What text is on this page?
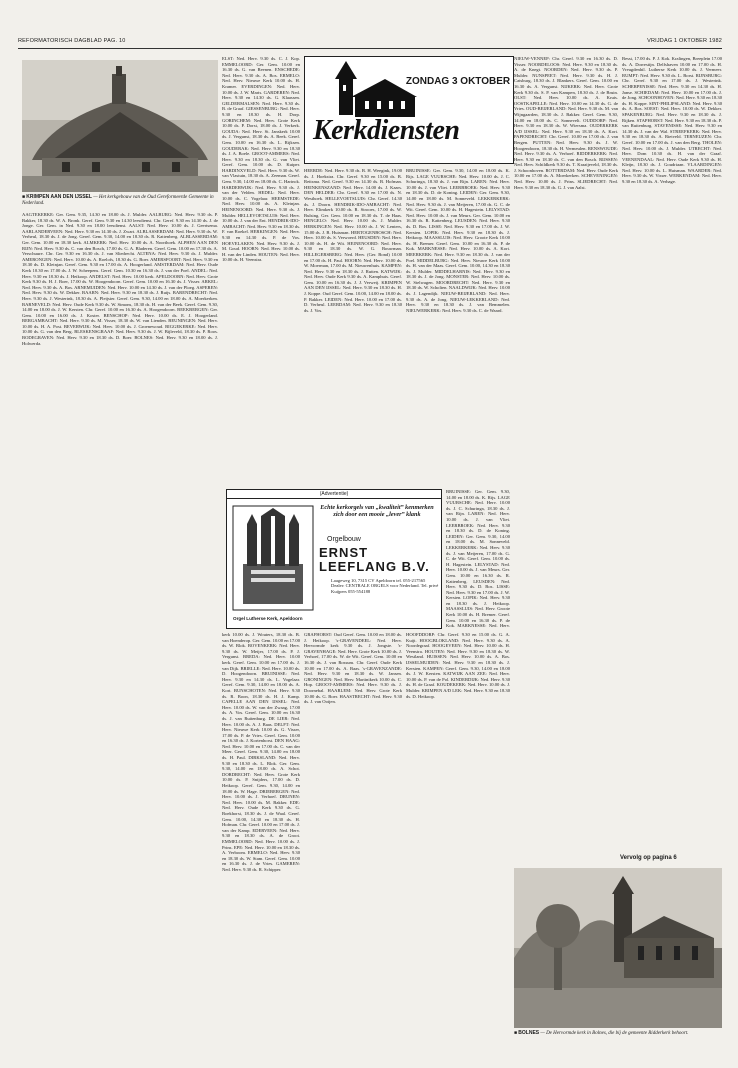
REFORMATORISCH DAGBLAD PAG. 10	VRIJDAG 1 OKTOBER 1982
■ KRIMPEN AAN DEN IJSSEL — Het kerkgebouw van de Oud Gereformeerde Gemeente in Nederland.
ZONDAG 3 OKTOBER
Kerkdiensten
AAGTEKERKE: Ger. Gem. 9.35, 14.30 en 18.00 ds. J. Mulder. AALBURG: Ned. Herv. 9.30 ds. P. Bakker, 18.30 ds. W. A. Bronk. Geref. Gem. 9.30 en 14.30 leesdienst. Chr. Geref. 9.30 en 14.30 ds. J. de Jonge. Ger. Gem. in Ned. 9.30 en 18.00 leesdienst. AALST: Ned. Herv. 10.00 ds. J. Geertsema. AARLANDERVEEN: Ned. Herv. 9.30 en 14.30 ds. J. Zwart. ALBLASSERDAM: Ned. Herv. 9.30 ds. W. Verheul, 18.30 ds. J. de Jong. Geref. Gem. 9.30, 14.00 en 18.30 ds. R. Kattenberg. ALBLASSERDAM: Ger. Gem. 10.00 en 18.30 kerk. ALMKERK: Ned. Herv. 10.00 ds. A. Noorthoek. ALPHEN AAN DEN RIJN: Ned. Herv. 9.30 ds. C. van den Bosch, 17.00 ds. G. A. Bladeren. Geref. Gem. 10.00 en 17.30 ds. A. Verschuure. Chr. Ger. 9.30 en 16.30 ds. J. van Sliedrecht. ALTENA: Ned. Herv. 9.30 ds. J. Mulder. AMERONGEN: Ned. Herv. 10.00 ds. A. Roelofs, 18.30 ds. G. Boer. AMERSFOORT: Ned. Herv. 9.30 en 18.30 ds. D. Kleinjan. Geref. Gem. 9.30 en 17.00 ds. A. Hoogerland. AMSTERDAM: Ned. Herv. Oude Kerk 10.30 en 17.00 ds. J. W. Scheepens. Geref. Gem. 10.30 en 16.30 ds. J. van der Poel. ANDEL: Ned. Herv. 9.30 en 18.30 ds. J. Heikoop. ANDELST: Ned. Herv. 10.00 kerk. APELDOORN: Ned. Herv. Grote Kerk 9.30 ds. H. J. Boer, 17.00 ds. W. Hoogendoorn. Geref. Gem. 10.00 en 16.30 ds. J. Visser. ARKEL: Ned. Herv. 9.30 ds. A. Bos. ARNEMUIDEN: Ned. Herv. 10.00 en 14.30 ds. J. van der Ploeg. ASPEREN: Ned. Herv. 9.30 ds. W. Dekker. BAARN: Ned. Herv. 9.30 en 18.30 ds. J. Ruijs. BARENDRECHT: Ned. Herv. 9.30 ds. J. Westerink, 18.30 ds. A. Pleijsier. Geref. Gem. 9.30, 14.00 en 18.00 ds. A. Moerkerken. BARNEVELD: Ned. Herv. Oude Kerk 9.30 ds. W. Simons, 18.30 ds. H. van der Beek. Geref. Gem. 9.30, 14.00 en 18.00 ds. J. W. Kersten. Chr. Geref. 10.00 en 16.30 ds. A. Hoogendoorn. BEEKBERGEN: Ger. Gem. 10.00 en 16.00 ds. J. Koster. BENSCHOP: Ned. Herv. 10.00 ds. E. J. Hoogerland. BERGAMBACHT: Ned. Herv. 9.30 ds. M. Visser, 18.30 ds. W. van Lienden. BEUNINGEN: Ned. Herv. 10.00 ds. H. A. Post. BEVERWIJK: Ned. Herv. 10.00 ds. J. Groenewoud. BIGGEKERKE: Ned. Herv. 10.00 ds. G. van den Berg. BLESKENSGRAAF: Ned. Herv. 9.30 ds. J. W. Bijleveld, 18.30 ds. P. Roos. BODEGRAVEN: Ned. Herv. 9.30 en 18.30 ds. D. Boer. BOLNES: Ned. Herv. 9.30 en 18.00 ds. J. Holwerda.
ELST: Ned. Herv. 9.30 ds. C. J. Kop. EMMELOORD: Ger. Gem. 10.00 en 16.30 ds. G. van Reenen. ENSCHEDE: Ned. Herv. 9.30 ds. A. Bos. ERMELO: Ned. Herv. Nieuwe Kerk 10.00 ds. H. Kramer. EVERDINGEN: Ned. Herv. 10.00 ds. J. W. Maris. GARDEREN: Ned. Herv. 9.30 en 14.30 ds. G. Klaassen. GELDERMALSEN: Ned. Herv. 9.30 ds. B. de Graaf. GIESSENBURG: Ned. Herv. 9.30 en 18.30 ds. H. Dorp. GORINCHEM: Ned. Herv. Grote Kerk 10.00 ds. P. Dorst, 18.00 ds. J. Verkerk. GOUDA: Ned. Herv. St. Janskerk 10.00 ds. J. Vergunst, 18.30 ds. A. Beek. Geref. Gem. 10.00 en 16.30 ds. L. Rijksen. GOUDERAK: Ned. Herv. 9.30 en 18.30 ds. J. A. Boele. GROOT-AMMERS: Ned. Herv. 9.30 en 18.30 ds. G. van Vliet. Geref. Gem. 10.00 ds. D. Kuiper. HARDINXVELD: Ned. Herv. 9.30 ds. W. van Vlastuin, 18.30 ds. A. Zeeman. Geref. Gem. 9.30, 14.00 en 18.00 ds. C. Harinck. HARDERWIJK: Ned. Herv. 9.30 ds. J. van der Velden. HEDEL: Ned. Herv. 10.00 ds. C. Vogelaar. HEEMSTEDE: Ned. Herv. 10.00 ds. A. Kleinjan. HEINENOORD: Ned. Herv. 9.30 ds. J. Mulder. HELLEVOETSLUIS: Ned. Herv. 10.00 ds. J. van der Ent. HENDRIK-IDO-AMBACHT: Ned. Herv. 9.30 en 18.30 ds. F. van Roekel. HERKINGEN: Ned. Herv. 9.30 en 14.30 ds. P. de Vos. HOEVELAKEN: Ned. Herv. 9.30 ds. J. M. Goud. HOORN: Ned. Herv. 10.00 ds. H. van der Linden. HOUTEN: Ned. Herv. 10.00 ds. H. Veenstra.
kerk 10.00 ds. J. Wouters, 18.30 ds. B. van Hoenderop. Ger. Gem. 10.00 en 17.00 ds. W. Blok. BOVENKERK: Ned. Herv. 9.30 ds. W. Meijer, 17.00 ds. P. J. Vergunst. BREDA: Ned. Herv. 10.00 kerk. Geref. Gem. 10.00 en 17.00 ds. J. van Dijk. BRIELLE: Ned. Herv. 10.00 ds. D. Hoogendoorn. BRUINISSE: Ned. Herv. 9.30 en 14.30 ds. L. Vogelaar. Geref. Gem. 9.30, 14.00 en 18.00 ds. A. Kort. BUNSCHOTEN: Ned. Herv. 9.30 ds. R. Boon, 18.30 ds. H. J. Kamp. CAPELLE AAN DEN IJSSEL: Ned. Herv. 10.00 ds. W. van der Zwaag, 17.00 ds. A. Vos. Geref. Gem. 10.00 en 16.30 ds. J. van Ruitenburg. DE LIER: Ned. Herv. 10.00 ds. A. J. Baas. DELFT: Ned. Herv. Nieuwe Kerk 10.00 ds. G. Visser, 17.00 ds. P. de Vries. Geref. Gem. 10.00 en 16.30 ds. J. Kortenhorst. DEN HAAG: Ned. Herv. 10.00 en 17.00 ds. C. van der Meer. Geref. Gem. 9.30, 14.00 en 18.00 ds. H. Paul. DIRKSLAND: Ned. Herv. 9.30 en 18.30 ds. L. Blok. Ger. Gem. 9.30, 14.00 en 18.00 ds. A. Schot. DORDRECHT: Ned. Herv. Grote Kerk 10.00 ds. P. Snijders, 17.00 ds. D. Heikoop. Geref. Gem. 9.30, 14.00 en 18.00 ds. W. Hage. DRIEBERGEN: Ned. Herv. 10.00 ds. J. Verhoef. DRUNEN: Ned. Herv. 10.00 ds. M. Bakker. EDE: Ned. Herv. Oude Kerk 9.30 ds. G. Boekhorst, 18.30 ds. J. de Waal. Geref. Gem. 10.00, 14.30 en 18.30 ds. H. Hofman. Chr. Geref. 10.00 en 17.00 ds. J. van der Kamp. EDERVEEN: Ned. Herv. 9.30 en 18.30 ds. A. de Groot. EMMELOORD: Ned. Herv. 10.00 ds. J. Prins. EPE: Ned. Herv. 10.00 en 18.30 ds. A. Verboom. ERMELO: Ned. Herv. 9.30 en 18.30 ds. W. Stam. Geref. Gem. 10.00 en 16.30 ds. J. de Vries. GAMEREN: Ned. Herv. 9.30 ds. R. Schipper.
HEERDE: Ned. Herv. 9.30 ds. B. H. Weegink, 19.00 ds. J. Hoekstra. Chr. Geref. 9.30 en 15.00 ds. B. Reitsma. Ned. Geref. 9.30 en 14.30 ds. B. Hofman. HEINKENSZAND: Ned. Herv. 14.00 ds. J. Kaars. DEN HELDER: Chr. Geref. 9.30 en 17.00 ds. N. Westhoek. HELLEVOETSLUIS: Chr. Geref. 14.30 ds. J. Doorn. HENDRIK-IDO-AMBACHT: Ned. Herv. Elimkerk 10.00 ds. R. Strooes, 17.00 ds. W. Bulsing. Ger. Gem. 10.00 en 18.30 ds. T. de Haas. HENGELO: Ned. Herv. 10.00 ds. J. Mulder. HERKINGEN: Ned. Herv. 10.00 ds. J. W. Lenters, 15.00 ds. J. B. Huisman. HERTOGENBOSCH: Ned. Herv. 10.00 ds. S. Verwoerd. HEUSDEN: Ned. Herv. 10.00 ds. H. de Wit. HEINENOORD: Ned. Herv. 9.30 en 18.30 ds. W. G. Bouwman. HILLEGERSBERG: Ned. Herv. (Ger. Bond) 10.00 en 17.00 ds. H. Paul. HOORN: Ned. Herv. 10.00 ds. W. Moerman, 17.00 ds. M. Nieuwenhuis. KAMPEN: Ned. Herv. 9.30 en 18.30 ds. J. Rutten. KATWIJK: Ned. Herv. Oude Kerk 9.30 ds. A. Kamphuis. Geref. Gem. 10.00 en 16.30 ds. J. J. Verweij. KRIMPEN AAN DEN IJSSEL: Ned. Herv. 9.30 en 18.30 ds. H. J. Koppe. Oud Geref. Gem. 10.00, 14.00 en 18.00 ds. P. Bakker. LEIDEN: Ned. Herv. 10.00 en 17.00 ds. D. Verheul. LEERDAM: Ned. Herv. 9.30 en 18.30 ds. J. Vos.
BRUINISSE: Ger. Gem. 9.30, 14.00 en 18.00 ds. K. Rijs. LAGE VUURSCHE: Ned. Herv. 10.00 ds. J. C. Schuringa, 18.30 ds. J. van Rijn. LAREN: Ned. Herv. 10.00 ds. J. van Vliet. LEERBROEK: Ned. Herv. 9.30 en 18.30 ds. D. de Koning. LEIDEN: Ger. Gem. 9.30, 14.00 en 18.00 ds. M. Sonneveld. LEKKERKERK: Ned. Herv. 9.30 ds. J. van Meijeren, 17.00 ds. G. C. de Wit. Geref. Gem. 10.00 ds. H. Hagestein. LELYSTAD: Ned. Herv. 10.00 ds. J. van Meurs. Ger. Gem. 10.00 en 16.30 ds. R. Kattenberg. LEUSDEN: Ned. Herv. 9.30 ds. D. Bos. LISSE: Ned. Herv. 9.30 en 17.00 ds. J. W. Kersten. LOPIK: Ned. Herv. 9.30 en 18.30 ds. J. Heikoop. MAASSLUIS: Ned. Herv. Groote Kerk 10.00 ds. H. Bremer. Geref. Gem. 10.00 en 16.30 ds. P. de Kok. MARKNESSE: Ned. Herv. 10.00 ds. A. Kort. MEERKERK: Ned. Herv. 9.30 en 18.30 ds. J. van der Poel. MIDDELBURG: Ned. Herv. Nieuwe Kerk 10.00 ds. H. van der Maas. Geref. Gem. 10.00, 14.30 en 18.30 ds. J. Mulder. MIDDELHARNIS: Ned. Herv. 9.30 en 18.30 ds. J. de Jong. MONSTER: Ned. Herv. 10.00 ds. W. Stelwagen. MOORDRECHT: Ned. Herv. 9.30 en 18.30 ds. W. Scholten. NAALDWIJK: Ned. Herv. 10.00 ds. J. Lagendijk. NIEUW-BEIJERLAND: Ned. Herv. 9.30 ds. A. de Jong. NIEUW-LEKKERLAND: Ned. Herv. 9.30 en 18.30 ds. J. van Bemmelen. NIEUWERKERK: Ned. Herv. 9.30 ds. C. de Waard.
GRAFHORST: Oud Geref. Gem. 10.00 en 18.00 ds. J. Heikoop. 's-GRAVENDEEL: Ned. Herv. Hervormde kerk 9.30 ds. J. Jongste. 's-GRAVENHAGE: Ned. Herv. Grote Kerk 10.00 ds. J. Verhoef, 17.00 ds. W. de Wit. Geref. Gem. 10.00 en 16.30 ds. J. van Rossum. Chr. Geref. Oude Kerk 10.00 en 17.00 ds. A. Baas. 's-GRAVENZANDE: Ned. Herv. 9.30 en 18.30 ds. W. Jansen. GRONINGEN: Ned. Herv. Martinikerk 10.00 ds. C. Hop. GROOT-AMMERS: Ned. Herv. 9.30 ds. J. Doornebal. HAARLEM: Ned. Herv. Grote Kerk 10.00 ds. G. Boer. HAASTRECHT: Ned. Herv. 9.30 ds. J. van Ooijen.
HOOFDDORP: Chr. Geref. 9.30 en 15.00 ds. G. A. Kuijt. HOOGBLOKLAND: Ned. Herv. 9.30 ds. A. Noordegraaf. HOOGEVEEN: Ned. Herv. 10.00 ds. H. Veenstra. HOUTEN: Ned. Herv. 9.30 en 18.30 ds. W. Westland. HUISSEN: Ned. Herv. 10.00 ds. A. Bos. IJSSELMUIDEN: Ned. Herv. 9.30 en 18.30 ds. J. Kersten. KAMPEN: Geref. Gem. 9.30, 14.00 en 18.00 ds. J. W. Kersten. KATWIJK AAN ZEE: Ned. Herv. 10.00 ds. P. van de Pol. KINDERDIJK: Ned. Herv. 9.30 ds. H. de Graaf. KOUDEKERK: Ned. Herv. 10.00 ds. J. Mulder. KRIMPEN A/D LEK: Ned. Herv. 9.30 en 18.30 ds. D. Heikoop.
BRUINISSE: Ger. Gem. 9.30, 14.00 en 18.00 ds. K. Rijs. LAGE VUURSCHE: Ned. Herv. 10.00 ds. J. C. Schuringa, 18.30 ds. J. van Rijn. LAREN: Ned. Herv. 10.00 ds. J. van Vliet. LEERBROEK: Ned. Herv. 9.30 en 18.30 ds. D. de Koning. LEIDEN: Ger. Gem. 9.30, 14.00 en 18.00 ds. M. Sonneveld. LEKKERKERK: Ned. Herv. 9.30 ds. J. van Meijeren, 17.00 ds. G. C. de Wit. Geref. Gem. 10.00 ds. H. Hagestein. LELYSTAD: Ned. Herv. 10.00 ds. J. van Meurs. Ger. Gem. 10.00 en 16.30 ds. R. Kattenberg. LEUSDEN: Ned. Herv. 9.30 ds. D. Bos. LISSE: Ned. Herv. 9.30 en 17.00 ds. J. W. Kersten. LOPIK: Ned. Herv. 9.30 en 18.30 ds. J. Heikoop. MAASSLUIS: Ned. Herv. Groote Kerk 10.00 ds. H. Bremer. Geref. Gem. 10.00 en 16.30 ds. P. de Kok. MARKNESSE: Ned. Herv.
NIEUW-VENNEP: Chr. Geref. 9.30 en 16.30 ds. D. Visser. NOORDELOOS: Ned. Herv. 9.30 en 18.30 ds. A. de Knegt. NOORDEN: Ned. Herv. 9.30 ds. P. Mulder. NUNSPEET: Ned. Herv. 9.30 ds. H. J. Catsburg, 18.30 ds. J. Blankers. Geref. Gem. 10.00 en 16.30 ds. A. Vergunst. NIJKERK: Ned. Herv. Grote Kerk 9.30 ds. S. P. van Kampen, 18.30 ds. J. de Bruin. OLST: Ned. Herv. 10.00 ds. A. Kruis. OOSTKAPELLE: Ned. Herv. 10.00 en 14.30 ds. G. de Vries. OUD-BEIJERLAND: Ned. Herv. 9.30 ds. M. van Wijngaarden, 18.30 ds. J. Bakker. Geref. Gem. 9.30, 14.00 en 18.00 ds. C. Sonnevelt. OUDDORP: Ned. Herv. 9.30 en 18.30 ds. W. Wiersma. OUDERKERK A/D IJSSEL: Ned. Herv. 9.30 en 18.30 ds. A. Kort. PAPENDRECHT: Chr. Geref. 10.00 en 17.00 ds. J. van Bergen. PUTTEN: Ned. Herv. 9.30 ds. J. W. Hoogendoorn, 18.30 ds. H. Vermeulen. RENSWOUDE: Ned. Herv. 9.30 ds. A. Verhoef. RIDDERKERK: Ned. Herv. 9.30 en 18.30 ds. C. van den Bosch. RIJSSEN: Ned. Herv. Schildkerk 9.30 ds. T. Kraaijeveld, 18.30 ds. J. Schoonhoven. ROTTERDAM: Ned. Herv. Oude Kerk 10.00 en 17.00 ds. A. Moerkerken. SCHEVENINGEN: Ned. Herv. 10.00 ds. J. Prins. SLIEDRECHT: Ned. Herv. 9.30 en 18.30 ds. G. J. van Aalst.
Besst, 17.00 ds. P. J. Kok. Kralingen, Breeplein 17.00 ds. A. Dorrestijn. Delfshaven 10.00 en 17.00 ds. H. Vreugdenhil. Lutherse Kerk 10.00 ds. J. Vermeer. RUMPT: Ned. Herv. 9.30 ds. L. Borst. RIJNSBURG: Chr. Geref. 9.30 en 17.00 ds. J. Westerink. SCHERPENISSE: Ned. Herv. 9.30 en 14.30 ds. H. Janse. SCHIEDAM: Ned. Herv. 10.00 en 17.00 ds. J. de Jong. SCHOONHOVEN: Ned. Herv. 9.30 en 18.30 ds. H. Koppe. SINT-PHILIPSLAND: Ned. Herv. 9.30 ds. A. Bos. SOEST: Ned. Herv. 10.00 ds. W. Dekker. SPAKENBURG: Ned. Herv. 9.30 en 18.30 ds. J. Rijken. STAPHORST: Ned. Herv. 9.30 en 18.30 ds. P. van Ruitenburg. STAVENISSE: Ned. Herv. 9.30 en 14.30 ds. J. van der Wal. STREEFKERK: Ned. Herv. 9.30 en 18.30 ds. A. Rietveld. TERNEUZEN: Chr. Geref. 10.00 en 17.00 ds. J. van den Berg. THOLEN: Ned. Herv. 10.00 ds. J. Mulder. UTRECHT: Ned. Herv. Dom 10.30 ds. H. van der Graaf. VEENENDAAL: Ned. Herv. Oude Kerk 9.30 ds. H. Kleijn, 18.30 ds. J. Goudriaan. VLAARDINGEN: Ned. Herv. 10.00 ds. L. Huisman. WAARDER: Ned. Herv. 9.30 ds. W. Visser. WERKENDAM: Ned. Herv. 9.30 en 18.30 ds. A. Verhage.
(Advertentie)
Echte kerkorgels van „kwaliteit” kenmerken zich door een mooie „lever” klank
Orgelbouw
ERNST LEEFLANG B.V.
Laageweg 10, 7315 CV Apeldoorn tel. 055-217565 Dealer: CENTRALE ORGELS voor Nederland. Tel. privé Kuijpers 055-554188
Orgel Lutherse Kerk, Apeldoorn
Vervolg op pagina 6
■ BOLNES — De Hervormde kerk in Bolnes, die bij de gemeente Ridderkerk behoort.
